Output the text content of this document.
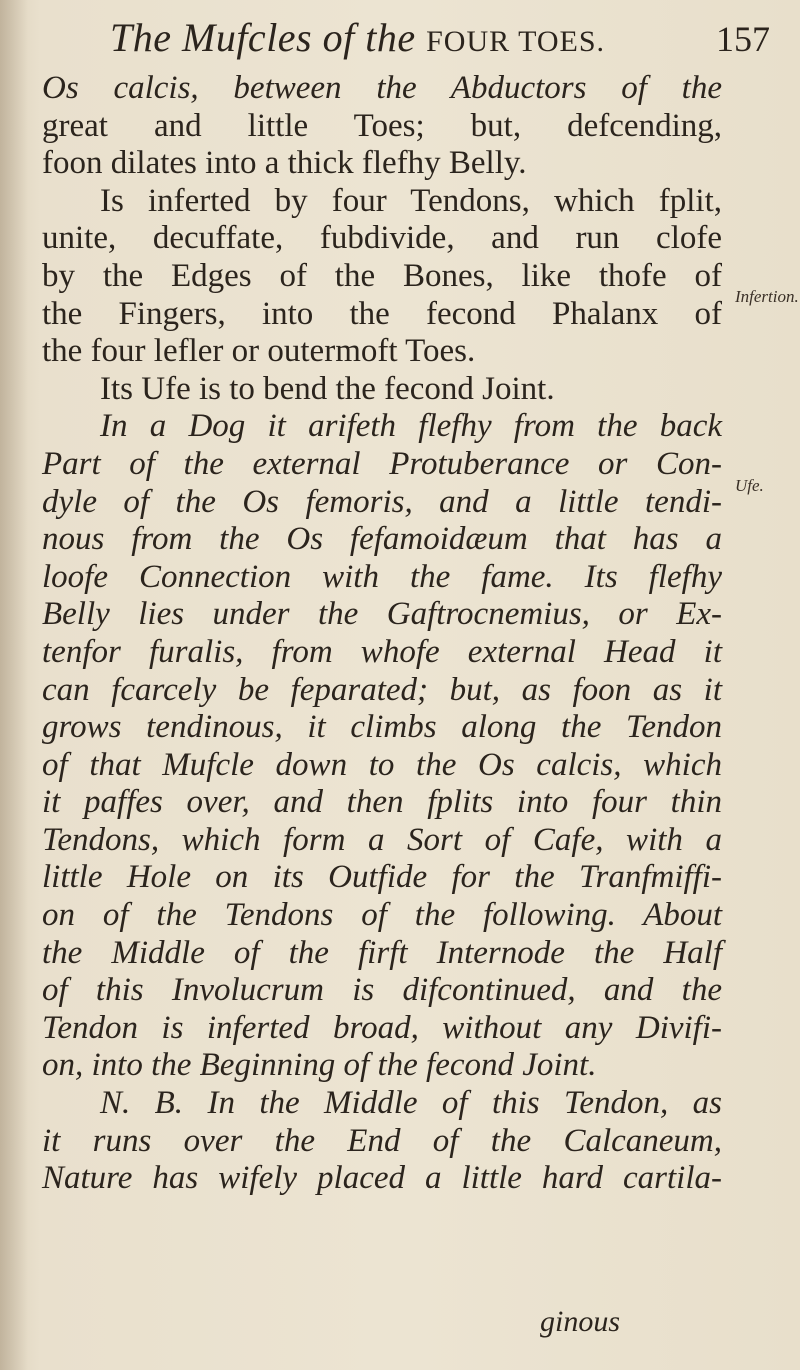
The Mufcles of the FOUR TOES.	157
Infertion.
Ufe.
Os calcis, between the Abductors of the
great and little Toes; but, defcending,
foon dilates into a thick flefhy Belly.
Is inferted by four Tendons, which fplit,
unite, decuffate, fubdivide, and run clofe
by the Edges of the Bones, like thofe of
the Fingers, into the fecond Phalanx of
the four lefler or outermoft Toes.
Its Ufe is to bend the fecond Joint.
In a Dog it arifeth flefhy from the back
Part of the external Protuberance or Con-
dyle of the Os femoris, and a little tendi-
nous from the Os fefamoidæum that has a
loofe Connection with the fame. Its flefhy
Belly lies under the Gaftrocnemius, or Ex-
tenfor furalis, from whofe external Head it
can fcarcely be feparated; but, as foon as it
grows tendinous, it climbs along the Tendon
of that Mufcle down to the Os calcis, which
it paffes over, and then fplits into four thin
Tendons, which form a Sort of Cafe, with a
little Hole on its Outfide for the Tranfmiffi-
on of the Tendons of the following. About
the Middle of the firft Internode the Half
of this Involucrum is difcontinued, and the
Tendon is inferted broad, without any Divifi-
on, into the Beginning of the fecond Joint.
N. B. In the Middle of this Tendon, as
it runs over the End of the Calcaneum,
Nature has wifely placed a little hard cartila-
ginous
